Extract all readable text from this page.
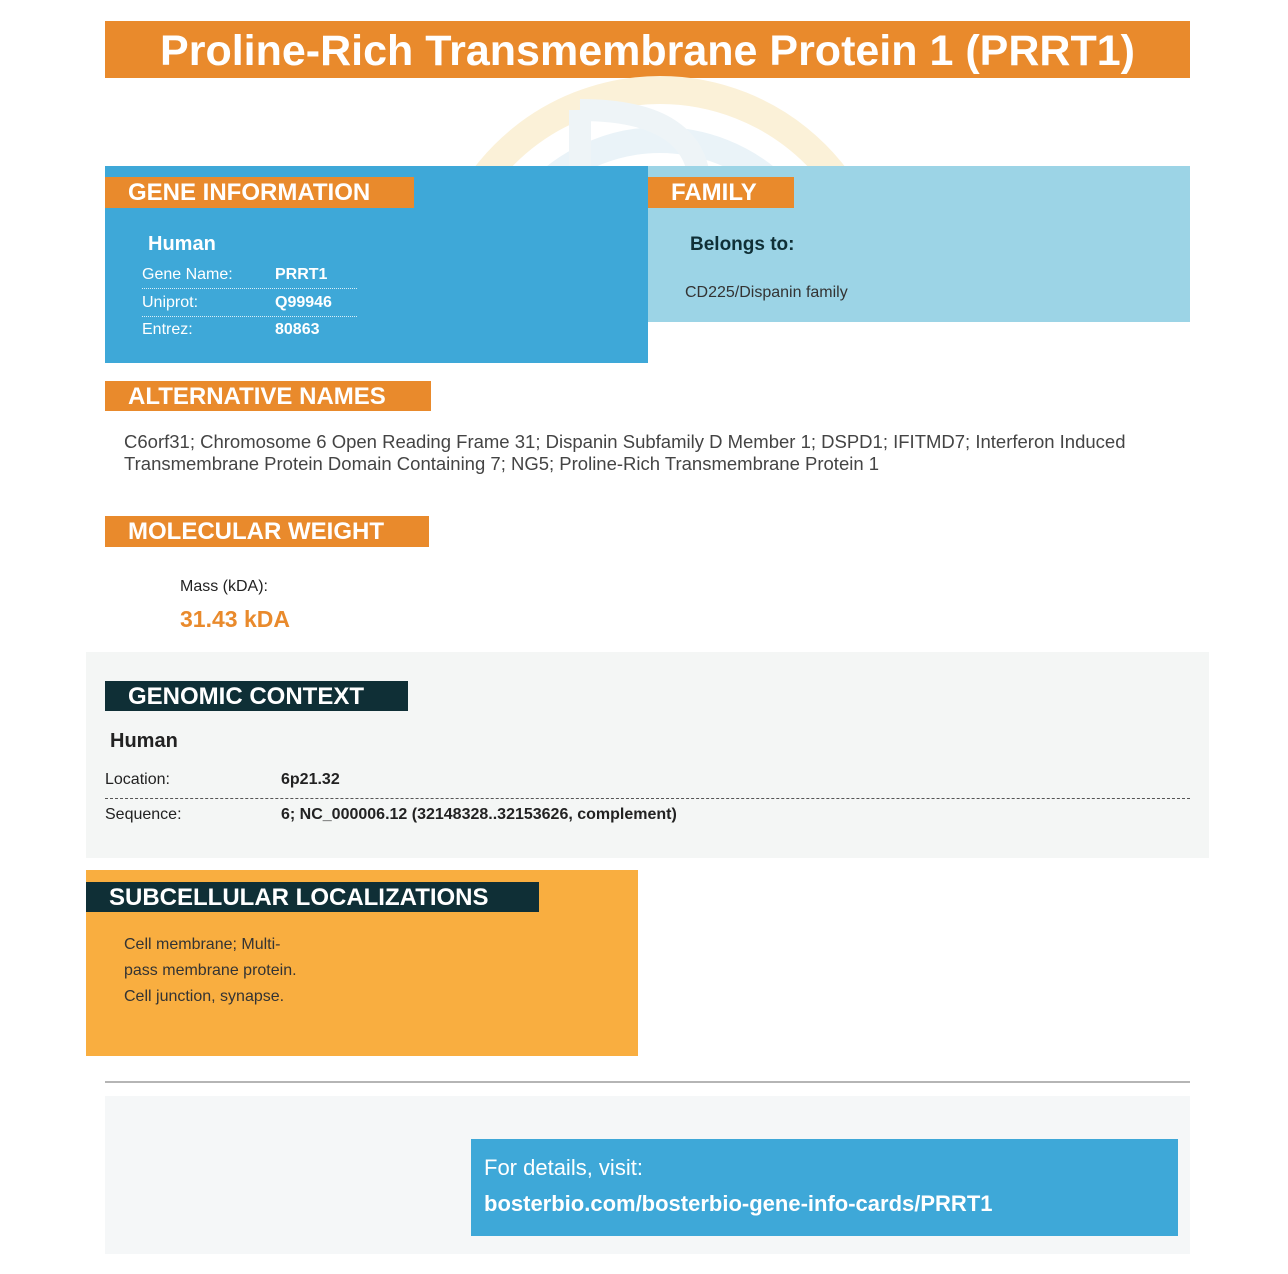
Proline-Rich Transmembrane Protein 1 (PRRT1)
GENE INFORMATION
Human
Gene Name:	PRRT1
Uniprot:	Q99946
Entrez:	80863
FAMILY
Belongs to:
CD225/Dispanin family
ALTERNATIVE NAMES
C6orf31; Chromosome 6 Open Reading Frame 31; Dispanin Subfamily D Member 1; DSPD1; IFITMD7; Interferon Induced Transmembrane Protein Domain Containing 7; NG5; Proline-Rich Transmembrane Protein 1
MOLECULAR WEIGHT
Mass (kDA):
31.43 kDA
GENOMIC CONTEXT
Human
Location:	6p21.32
Sequence:	6; NC_000006.12 (32148328..32153626, complement)
SUBCELLULAR LOCALIZATIONS
Cell membrane; Multi-
pass membrane protein.
Cell junction, synapse.
For details, visit:
bosterbio.com/bosterbio-gene-info-cards/PRRT1
